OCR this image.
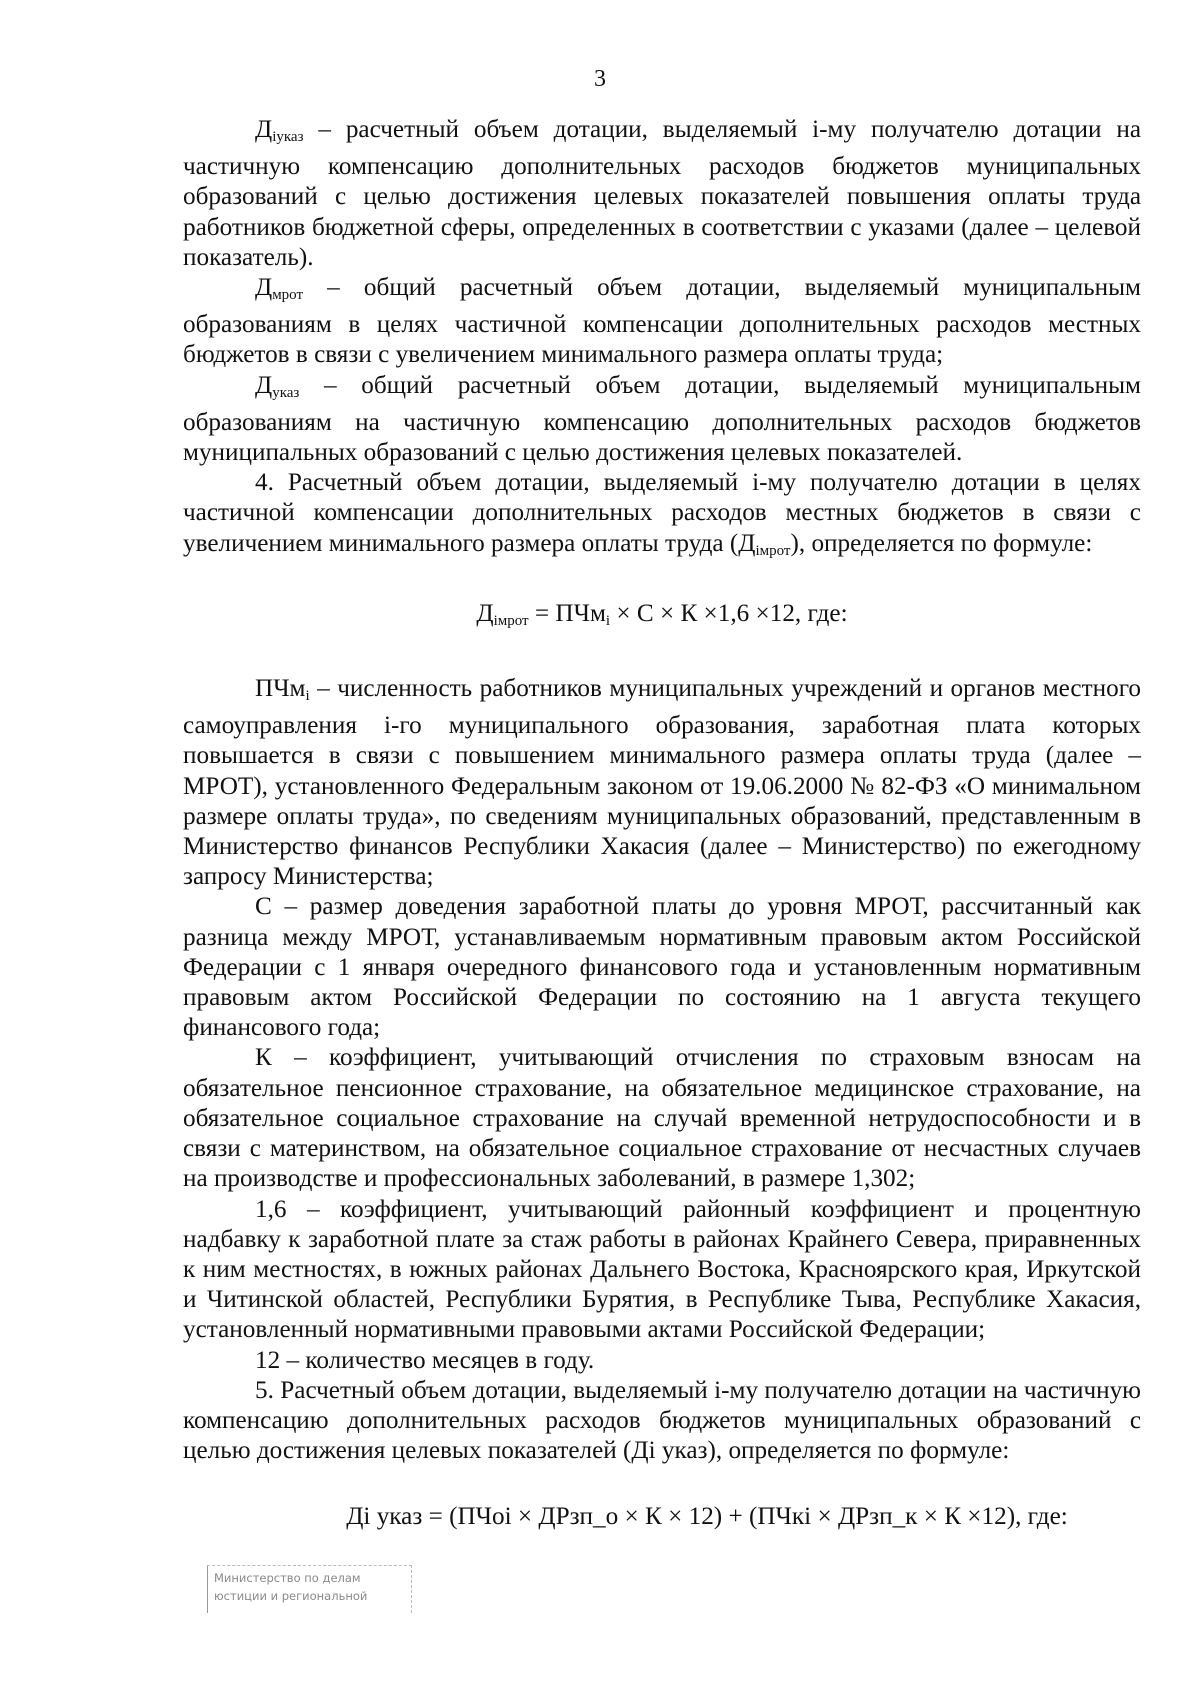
3

$Д_{iуказ}$ – расчетный объем дотации, выделяемый i-му получателю дотации на частичную компенсацию дополнительных расходов бюджетов муниципальных образований с целью достижения целевых показателей повышения оплаты труда работников бюджетной сферы, определенных в соответствии с указами (далее – целевой показатель).

$Д_{мрот}$ – общий расчетный объем дотации, выделяемый муниципальным образованиям в целях частичной компенсации дополнительных расходов местных бюджетов в связи с увеличением минимального размера оплаты труда;

$Д_{указ}$ – общий расчетный объем дотации, выделяемый муниципальным образованиям на частичную компенсацию дополнительных расходов бюджетов муниципальных образований с целью достижения целевых показателей.

4. Расчетный объем дотации, выделяемый i-му получателю дотации в целях частичной компенсации дополнительных расходов местных бюджетов в связи с увеличением минимального размера оплаты труда $(Д_{iмрот})$, определяется по формуле:

$Д_{iмрот} = ПЧм_i \times С \times К \times 1,6 \times 12$, где:

ПЧм$_i$ – численность работников муниципальных учреждений и органов местного самоуправления i-го муниципального образования, заработная плата которых повышается в связи с повышением минимального размера оплаты труда (далее – МРОТ), установленного Федеральным законом от 19.06.2000 № 82-ФЗ «О минимальном размере оплаты труда», по сведениям муниципальных образований, представленным в Министерство финансов Республики Хакасия (далее – Министерство) по ежегодному запросу Министерства;

С – размер доведения заработной платы до уровня МРОТ, рассчитанный как разница между МРОТ, устанавливаемым нормативным правовым актом Российской Федерации с 1 января очередного финансового года и установленным нормативным правовым актом Российской Федерации по состоянию на 1 августа текущего финансового года;

К – коэффициент, учитывающий отчисления по страховым взносам на обязательное пенсионное страхование, на обязательное медицинское страхование, на обязательное социальное страхование на случай временной нетрудоспособности и в связи с материнством, на обязательное социальное страхование от несчастных случаев на производстве и профессиональных заболеваний, в размере 1,302;

1,6 – коэффициент, учитывающий районный коэффициент и процентную надбавку к заработной плате за стаж работы в районах Крайнего Севера, приравненных к ним местностях, в южных районах Дальнего Востока, Красноярского края, Иркутской и Читинской областей, Республики Бурятия, в Республике Тыва, Республике Хакасия, установленный нормативными правовыми актами Российской Федерации;

12 – количество месяцев в году.

5. Расчетный объем дотации, выделяемый i-му получателю дотации на частичную компенсацию дополнительных расходов бюджетов муниципальных образований с целью достижения целевых показателей (Дi указ), определяется по формуле:

Дi указ = (ПЧоi × ДРзп_о × К × 12) + (ПЧкi × ДРзп_к × К ×12), где:

Министерство по делам
юстиции и региональной
